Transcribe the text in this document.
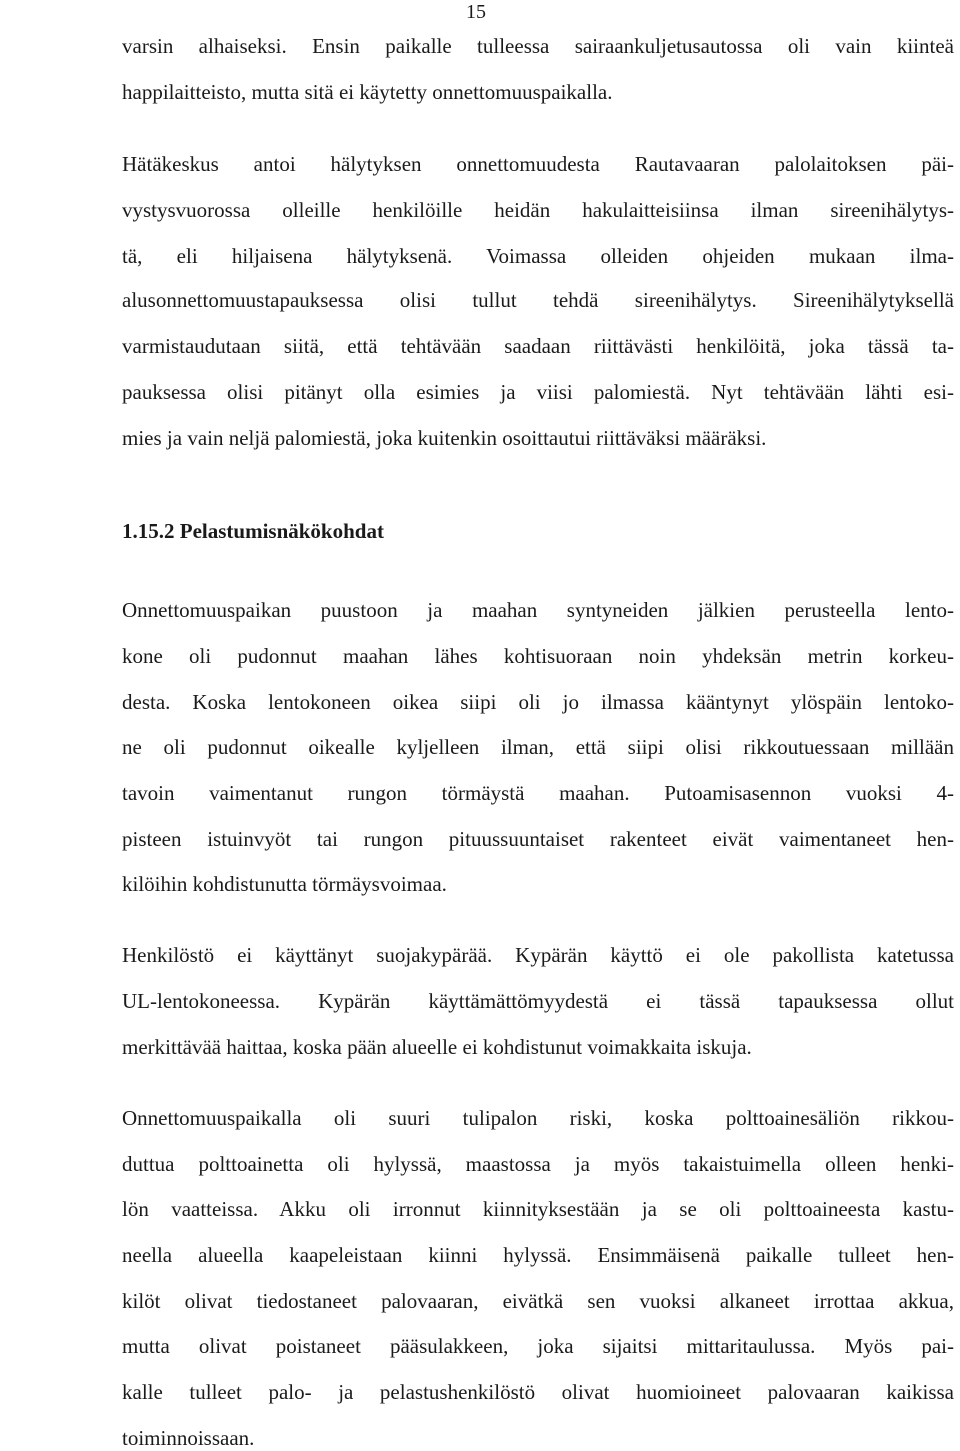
15
varsin alhaiseksi. Ensin paikalle tulleessa sairaankuljetusautossa oli vain kiinteä
happilaitteisto, mutta sitä ei käytetty onnettomuuspaikalla.
Hätäkeskus antoi hälytyksen onnettomuudesta Rautavaaran palolaitoksen päi-
vystysvuorossa olleille henkilöille heidän hakulaitteisiinsa ilman sireenihälytys-
tä, eli hiljaisena hälytyksenä. Voimassa olleiden ohjeiden mukaan ilma-
alusonnettomuustapauksessa olisi tullut tehdä sireenihälytys. Sireenihälytyksellä
varmistaudutaan siitä, että tehtävään saadaan riittävästi henkilöitä, joka tässä ta-
pauksessa olisi pitänyt olla esimies ja viisi palomiestä. Nyt tehtävään lähti esi-
mies ja vain neljä palomiestä, joka kuitenkin osoittautui riittäväksi määräksi.
1.15.2 Pelastumisnäkökohdat
Onnettomuuspaikan puustoon ja maahan syntyneiden jälkien perusteella lento-
kone oli pudonnut maahan lähes kohtisuoraan noin yhdeksän metrin korkeu-
desta. Koska lentokoneen oikea siipi oli jo ilmassa kääntynyt ylöspäin lentoko-
ne oli pudonnut oikealle kyljelleen ilman, että siipi olisi rikkoutuessaan millään
tavoin vaimentanut rungon törmäystä maahan. Putoamisasennon vuoksi 4-
pisteen istuinvyöt tai rungon pituussuuntaiset rakenteet eivät vaimentaneet hen-
kilöihin kohdistunutta törmäysvoimaa.
Henkilöstö ei käyttänyt suojakypärää. Kypärän käyttö ei ole pakollista katetussa
UL-lentokoneessa. Kypärän käyttämättömyydestä ei tässä tapauksessa ollut
merkittävää haittaa, koska pään alueelle ei kohdistunut voimakkaita iskuja.
Onnettomuuspaikalla oli suuri tulipalon riski, koska polttoainesäliön rikkou-
duttua polttoainetta oli hylyssä, maastossa ja myös takaistuimella olleen henki-
lön vaatteissa. Akku oli irronnut kiinnityksestään ja se oli polttoaineesta kastu-
neella alueella kaapeleistaan kiinni hylyssä. Ensimmäisenä paikalle tulleet hen-
kilöt olivat tiedostaneet palovaaran, eivätkä sen vuoksi alkaneet irrottaa akkua,
mutta olivat poistaneet pääsulakkeen, joka sijaitsi mittaritaulussa. Myös pai-
kalle tulleet palo- ja pelastushenkilöstö olivat huomioineet palovaaran kaikissa
toiminnoissaan.
